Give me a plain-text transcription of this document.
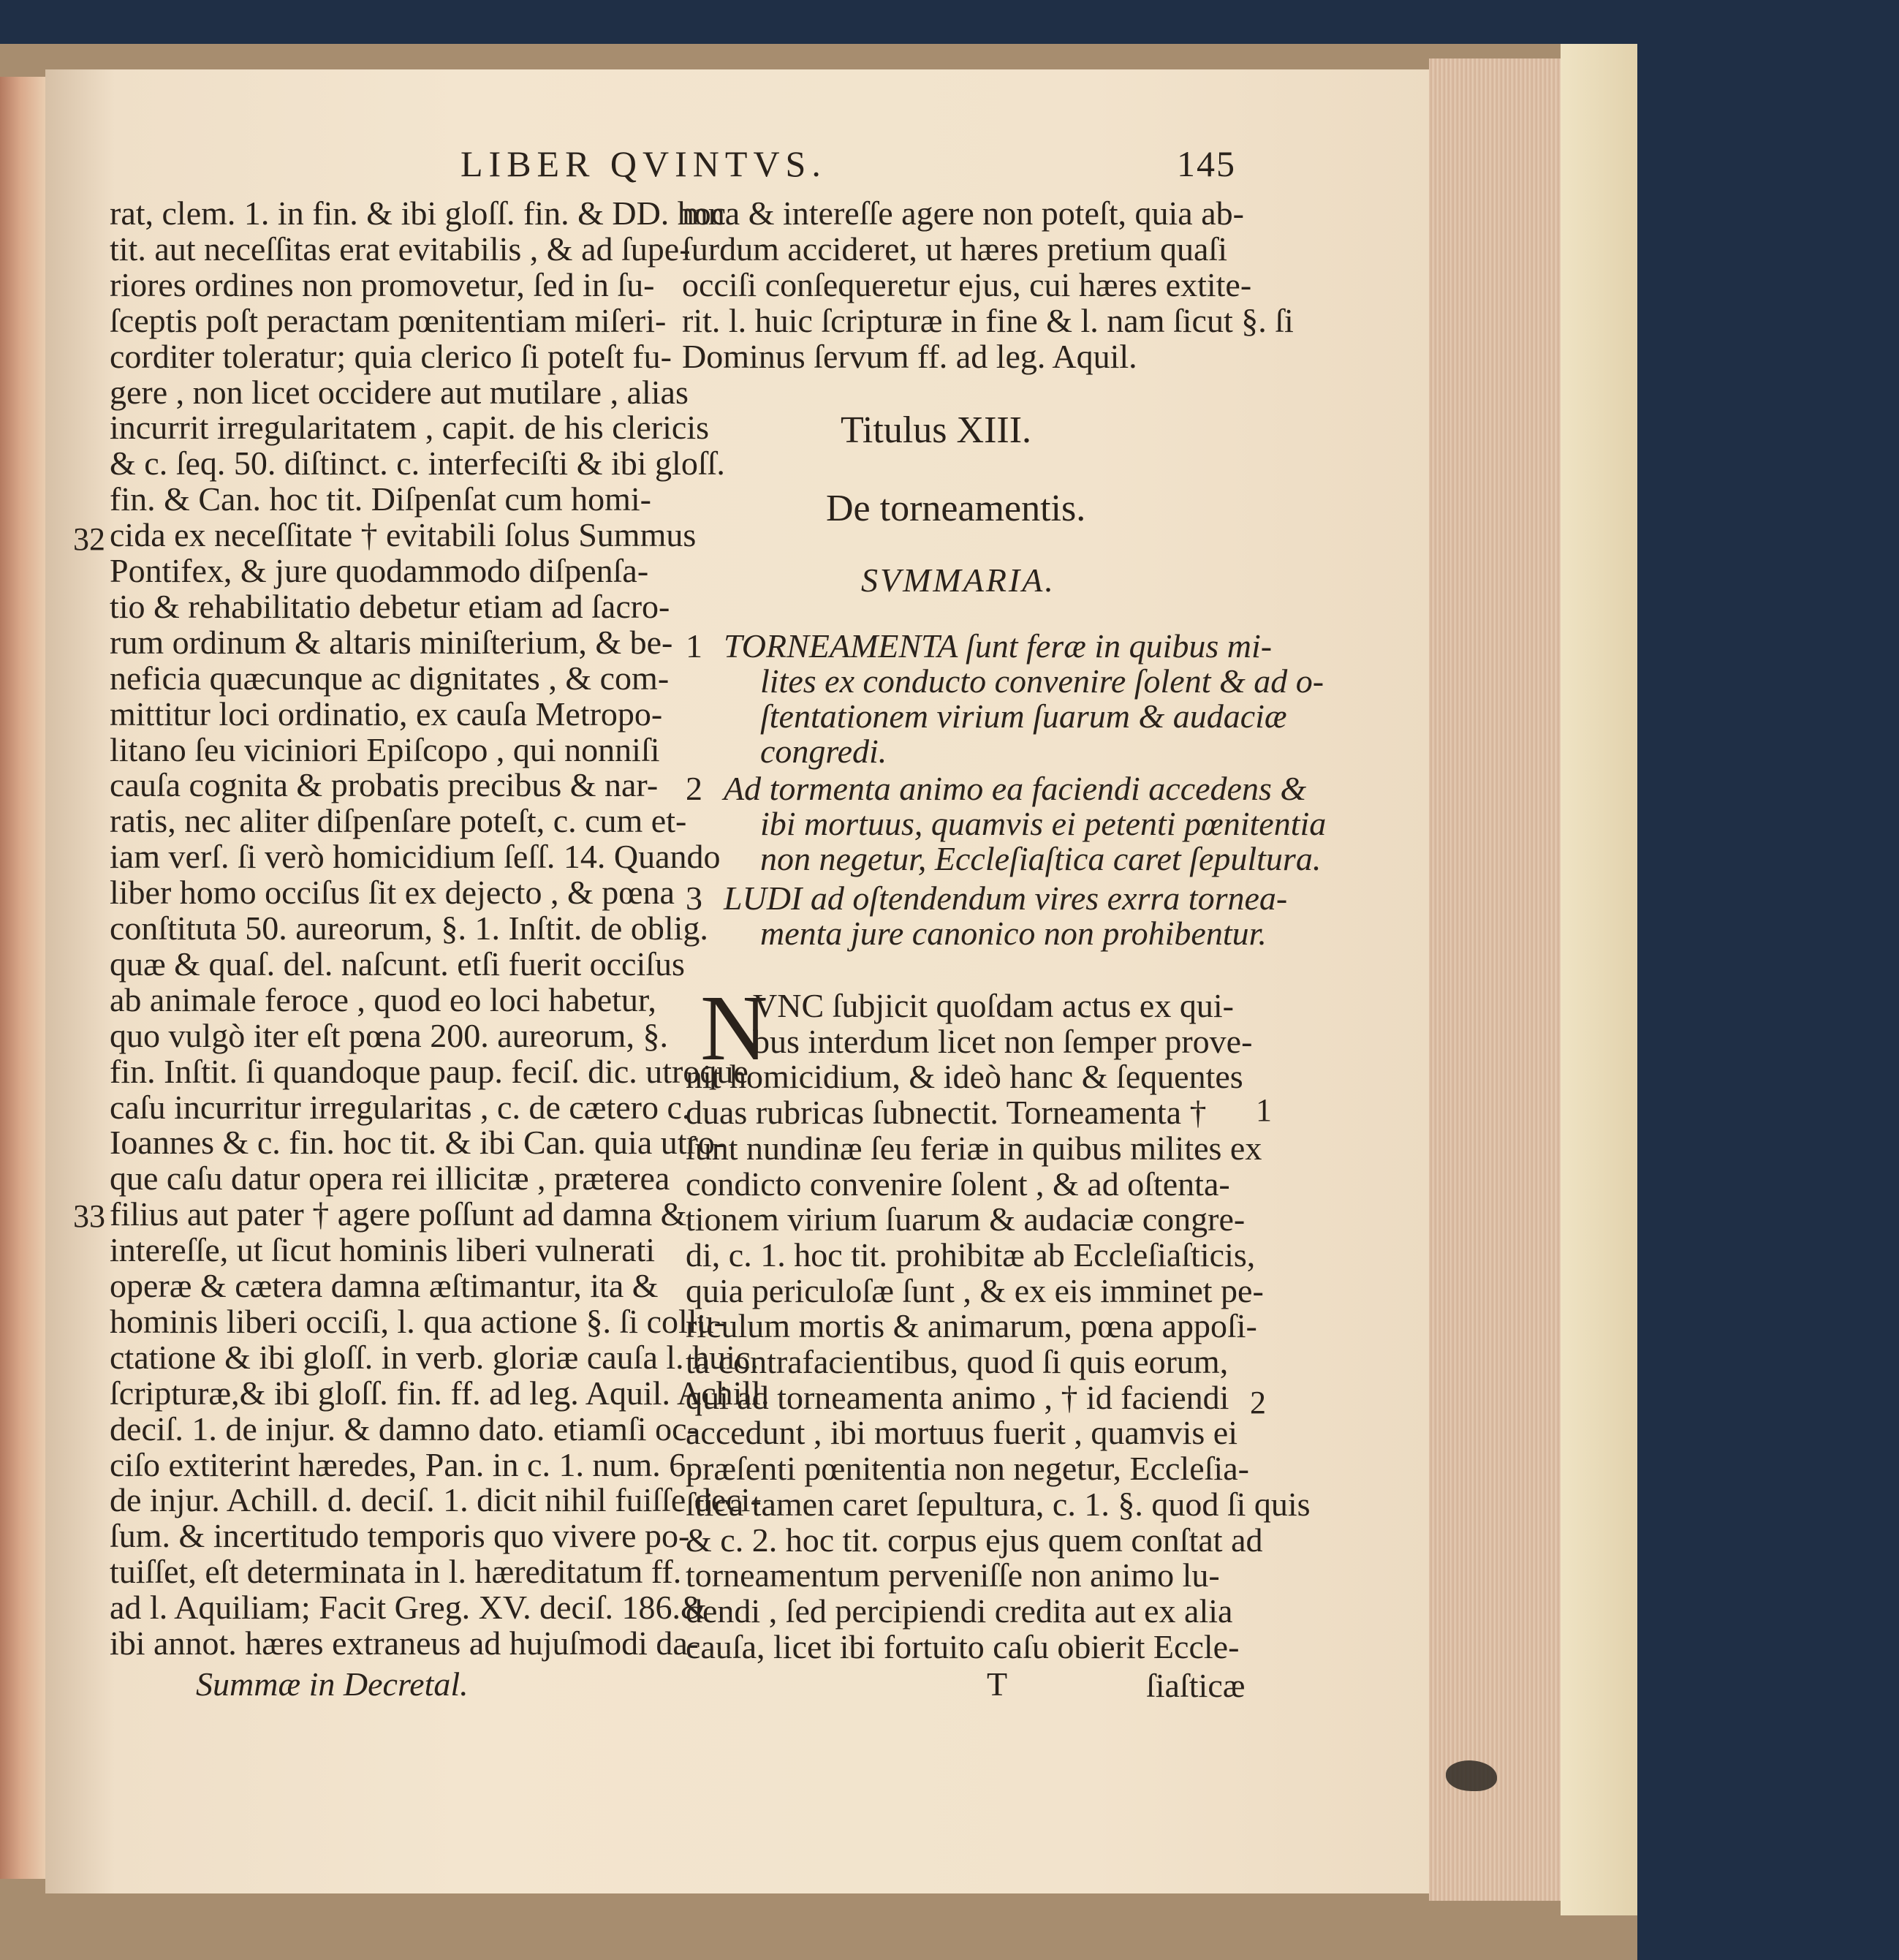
LIBER QVINTVS.	145
rat, clem. 1. in fin. & ibi gloſſ. fin. & DD. hoc
tit. aut neceſſitas erat evitabilis , & ad ſupe-
riores ordines non promovetur, ſed in ſu-
ſceptis poſt peractam pœnitentiam miſeri-
corditer toleratur; quia clerico ſi poteſt fu-
gere , non licet occidere aut mutilare , alias
incurrit irregularitatem , capit. de his clericis
& c. ſeq. 50. diſtinct. c. interfeciſti & ibi gloſſ.
fin. & Can. hoc tit. Diſpenſat cum homi-
cida ex neceſſitate † evitabili ſolus Summus
Pontifex, & jure quodammodo diſpenſa-
tio & rehabilitatio debetur etiam ad ſacro-
rum ordinum & altaris miniſterium, & be-
neficia quæcunque ac dignitates , & com-
mittitur loci ordinatio, ex cauſa Metropo-
litano ſeu viciniori Epiſcopo , qui nonniſi
cauſa cognita & probatis precibus & nar-
ratis, nec aliter diſpenſare poteſt, c. cum et-
iam verſ. ſi verò homicidium ſeſſ. 14. Quando
liber homo occiſus ſit ex dejecto , & pœna
conſtituta 50. aureorum, §. 1. Inſtit. de oblig.
quæ & quaſ. del. naſcunt. etſi fuerit occiſus
ab animale feroce , quod eo loci habetur,
quo vulgò iter eſt pœna 200. aureorum, §.
fin. Inſtit. ſi quandoque paup. feciſ. dic. utroque
caſu incurritur irregularitas , c. de cætero c.
Ioannes & c. fin. hoc tit. & ibi Can. quia utro-
que caſu datur opera rei illicitæ , præterea
filius aut pater † agere poſſunt ad damna &
intereſſe, ut ſicut hominis liberi vulnerati
operæ & cætera damna æſtimantur, ita &
hominis liberi occiſi, l. qua actione §. ſi collu-
ctatione & ibi gloſſ. in verb. gloriæ cauſa l. huic.
ſcripturæ,& ibi gloſſ. fin. ff. ad leg. Aquil. Achill.
deciſ. 1. de injur. & damno dato. etiamſi oc-
ciſo extiterint hæredes, Pan. in c. 1. num. 6.
de injur. Achill. d. deciſ. 1. dicit nihil fuiſſe deci-
ſum. & incertitudo temporis quo vivere po-
tuiſſet, eſt determinata in l. hæreditatum ff.
ad l. Aquiliam; Facit Greg. XV. deciſ. 186.&
ibi annot. hæres extraneus ad hujuſmodi da-
Summæ in Decretal.
32
33
mna & intereſſe agere non poteſt, quia ab-
ſurdum accideret, ut hæres pretium quaſi
occiſi conſequeretur ejus, cui hæres extite-
rit. l. huic ſcripturæ in fine & l. nam ſicut §. ſi
Dominus ſervum ff. ad leg. Aquil.
Titulus XIII.
De torneamentis.
SVMMARIA.
1 TORNEAMENTA ſunt feræ in quibus mi-
lites ex conducto convenire ſolent & ad o-
ſtentationem virium ſuarum & audaciæ
congredi.
2 Ad tormenta animo ea faciendi accedens &
ibi mortuus, quamvis ei petenti pœnitentia
non negetur, Eccleſiaſtica caret ſepultura.
3 LUDI ad oſtendendum vires exrra tornea-
menta jure canonico non prohibentur.
N
VNC ſubjicit quoſdam actus ex qui-
bus interdum licet non ſemper prove-
nit homicidium, & ideò hanc & ſequentes
duas rubricas ſubnectit. Torneamenta †
ſunt nundinæ ſeu feriæ in quibus milites ex
condicto convenire ſolent , & ad oſtenta-
tionem virium ſuarum & audaciæ congre-
di, c. 1. hoc tit. prohibitæ ab Eccleſiaſticis,
quia periculoſæ ſunt , & ex eis imminet pe-
riculum mortis & animarum, pœna appoſi-
ta contrafacientibus, quod ſi quis eorum,
qui ad torneamenta animo , † id faciendi
accedunt , ibi mortuus fuerit , quamvis ei
præſenti pœnitentia non negetur, Eccleſia-
ſtica tamen caret ſepultura, c. 1. §. quod ſi quis
& c. 2. hoc tit. corpus ejus quem conſtat ad
torneamentum perveniſſe non animo lu-
dendi , ſed percipiendi credita aut ex alia
cauſa, licet ibi fortuito caſu obierit Eccle-
1
2
T	ſiaſticæ
